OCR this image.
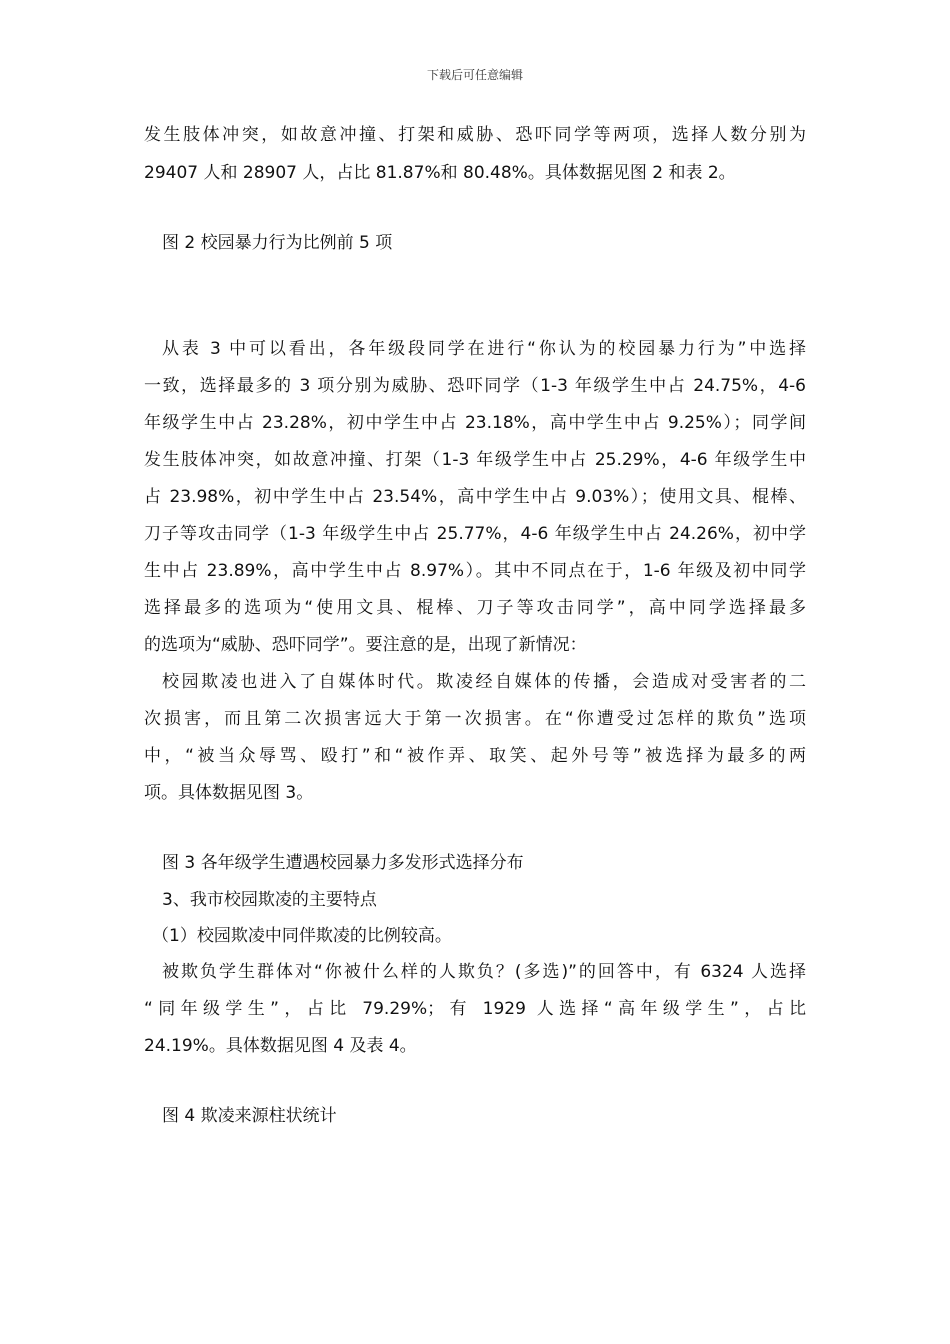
下载后可任意编辑
发生肢体冲突，如故意冲撞、打架和威胁、恐吓同学等两项，选择人数分别为
29407 人和 28907 人，占比 81.87%和 80.48%。具体数据见图 2 和表 2。
图 2 校园暴力行为比例前 5 项
从表 3 中可以看出，各年级段同学在进行“你认为的校园暴力行为”中选择
一致，选择最多的 3 项分别为威胁、恐吓同学（1-3 年级学生中占 24.75%，4-6
年级学生中占 23.28%，初中学生中占 23.18%，高中学生中占 9.25%）；同学间
发生肢体冲突，如故意冲撞、打架（1-3 年级学生中占 25.29%，4-6 年级学生中
占 23.98%，初中学生中占 23.54%，高中学生中占 9.03%）；使用文具、棍棒、
刀子等攻击同学（1-3 年级学生中占 25.77%，4-6 年级学生中占 24.26%，初中学
生中占 23.89%，高中学生中占 8.97%）。其中不同点在于，1-6 年级及初中同学
选择最多的选项为“使用文具、棍棒、刀子等攻击同学”，高中同学选择最多
的选项为“威胁、恐吓同学”。要注意的是，出现了新情况：
校园欺凌也进入了自媒体时代。欺凌经自媒体的传播，会造成对受害者的二
次损害，而且第二次损害远大于第一次损害。在“你遭受过怎样的欺负”选项
中，“被当众辱骂、殴打”和“被作弄、取笑、起外号等”被选择为最多的两
项。具体数据见图 3。
图 3 各年级学生遭遇校园暴力多发形式选择分布
3、我市校园欺凌的主要特点
（1）校园欺凌中同伴欺凌的比例较高。
被欺负学生群体对“你被什么样的人欺负？(多选)”的回答中，有 6324 人选择
“同年级学生”，占比 79.29%；有 1929 人选择“高年级学生”，占比
24.19%。具体数据见图 4 及表 4。
图 4 欺凌来源柱状统计
